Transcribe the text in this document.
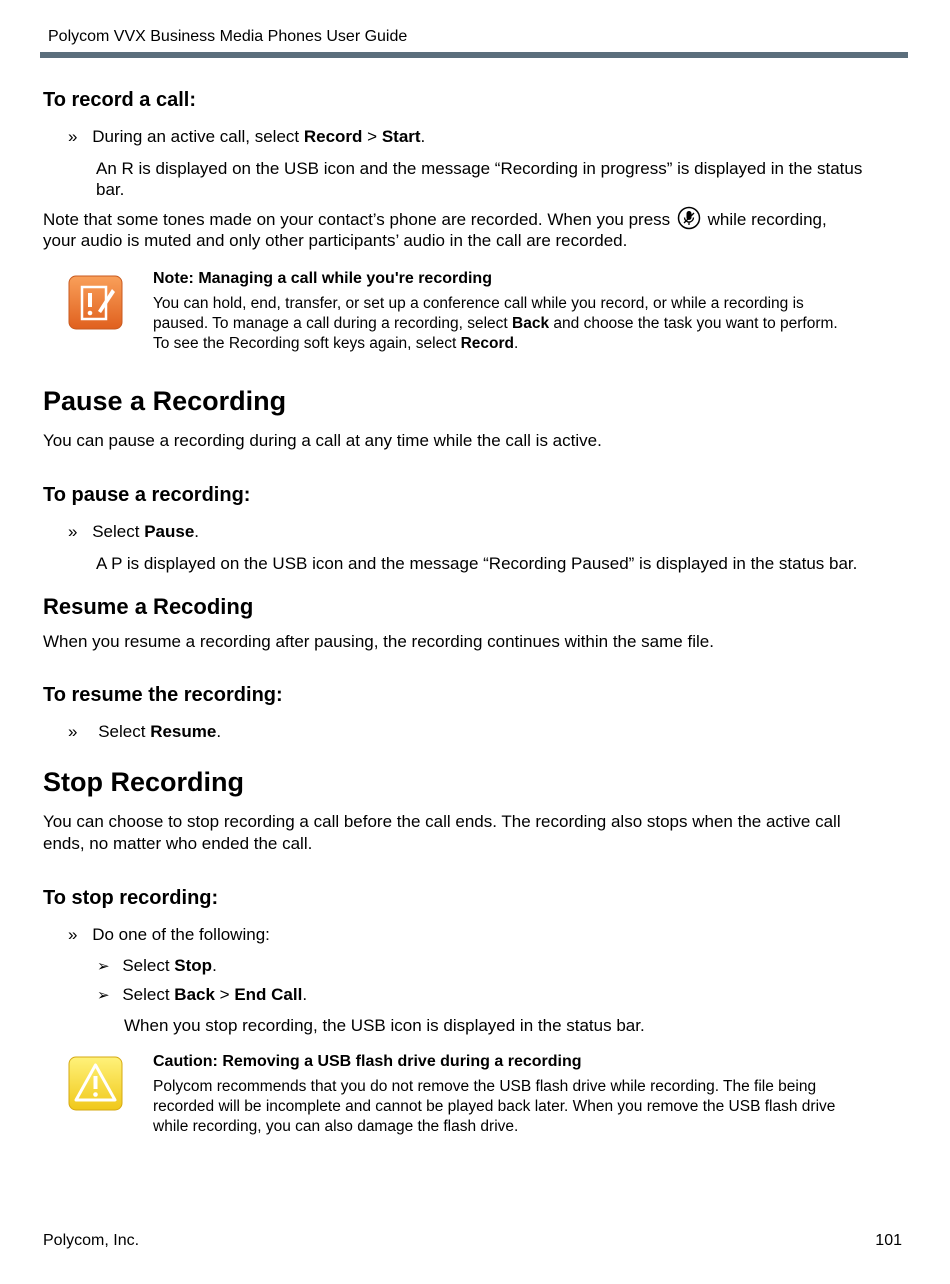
Polycom VVX Business Media Phones User Guide
To record a call:
» During an active call, select Record > Start.
An R is displayed on the USB icon and the message “Recording in progress” is displayed in the status
bar.
Note that some tones made on your contact’s phone are recorded. When you press while recording,
your audio is muted and only other participants’ audio in the call are recorded.
Note: Managing a call while you're recording
You can hold, end, transfer, or set up a conference call while you record, or while a recording is
paused. To manage a call during a recording, select Back and choose the task you want to perform.
To see the Recording soft keys again, select Record.
Pause a Recording
You can pause a recording during a call at any time while the call is active.
To pause a recording:
» Select Pause.
A P is displayed on the USB icon and the message “Recording Paused” is displayed in the status bar.
Resume a Recoding
When you resume a recording after pausing, the recording continues within the same file.
To resume the recording:
» Select Resume.
Stop Recording
You can choose to stop recording a call before the call ends. The recording also stops when the active call
ends, no matter who ended the call.
To stop recording:
» Do one of the following:
➢ Select Stop.
➢ Select Back > End Call.
When you stop recording, the USB icon is displayed in the status bar.
Caution: Removing a USB flash drive during a recording
Polycom recommends that you do not remove the USB flash drive while recording. The file being
recorded will be incomplete and cannot be played back later. When you remove the USB flash drive
while recording, you can also damage the flash drive.
Polycom, Inc.	101
